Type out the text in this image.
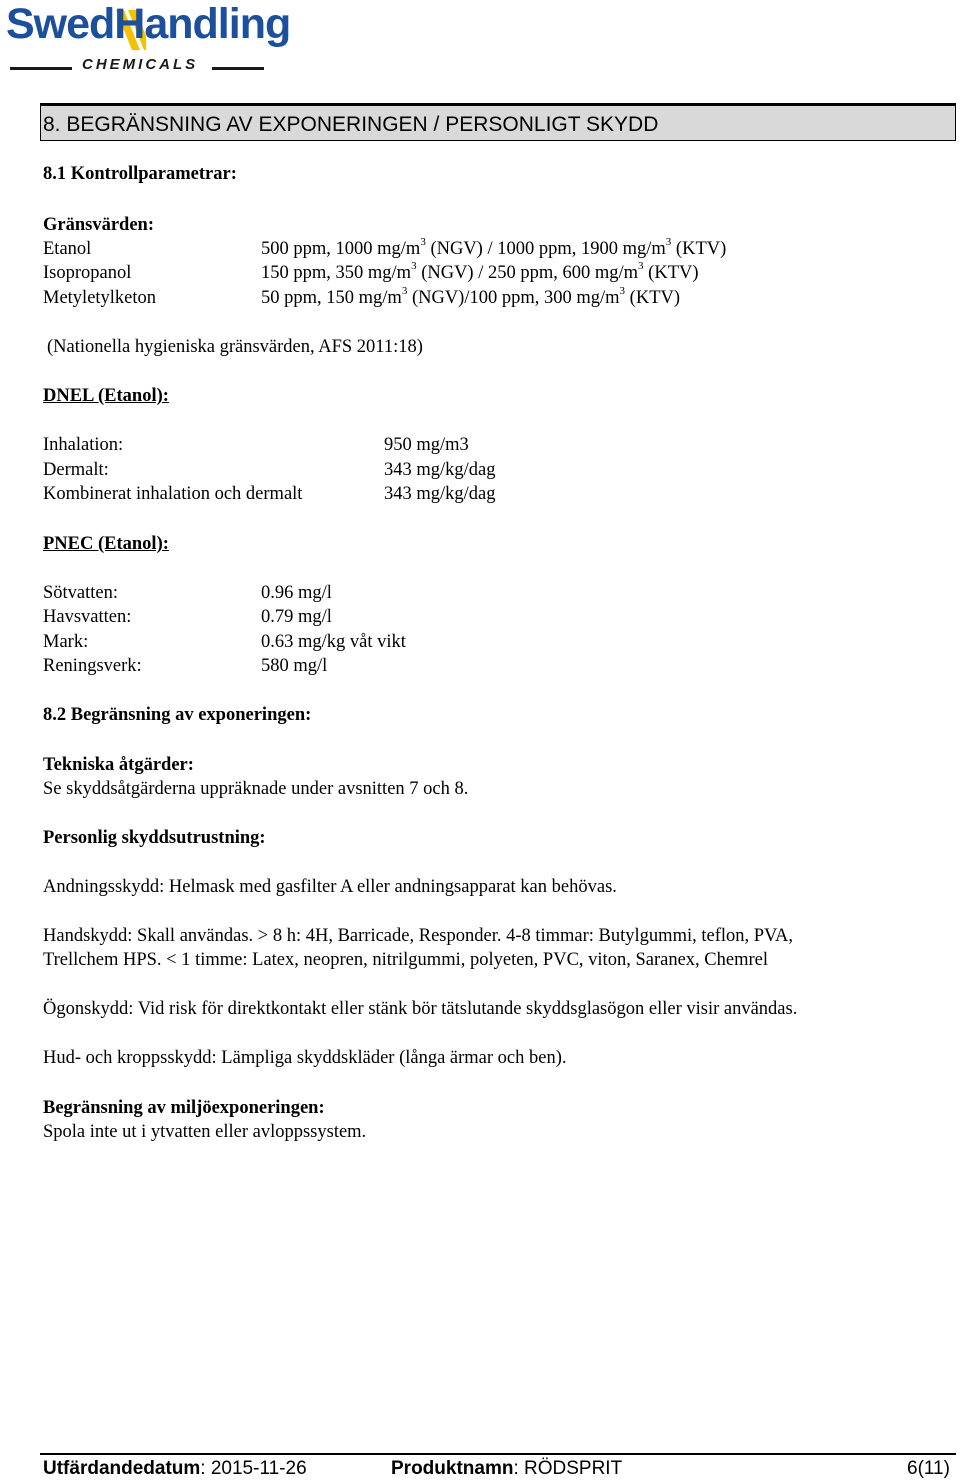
SwedHandling
CHEMICALS
8. BEGRÄNSNING AV EXPONERINGEN / PERSONLIGT SKYDD
8.1 Kontrollparametrar:
Gränsvärden:
Etanol	500 ppm, 1000 $mg/m^3$ (NGV) / 1000 ppm, 1900 $mg/m^3$ (KTV)
Isopropanol	150 ppm, 350 $mg/m^3$ (NGV) / 250 ppm, 600 $mg/m^3$ (KTV)
Metyletylketon	50 ppm, 150 $mg/m^3$ (NGV)/100 ppm, 300 $mg/m^3$ (KTV)
(Nationella hygieniska gränsvärden, AFS 2011:18)
DNEL (Etanol):
Inhalation:	950 mg/m3
Dermalt:	343 mg/kg/dag
Kombinerat inhalation och dermalt	343 mg/kg/dag
PNEC (Etanol):
Sötvatten:	0.96 mg/l
Havsvatten:	0.79 mg/l
Mark:	0.63 mg/kg våt vikt
Reningsverk:	580 mg/l
8.2 Begränsning av exponeringen:
Tekniska åtgärder:
Se skyddsåtgärderna uppräknade under avsnitten 7 och 8.
Personlig skyddsutrustning:
Andningsskydd: Helmask med gasfilter A eller andningsapparat kan behövas.
Handskydd: Skall användas. > 8 h: 4H, Barricade, Responder. 4-8 timmar: Butylgummi, teflon, PVA,
Trellchem HPS. < 1 timme: Latex, neopren, nitrilgummi, polyeten, PVC, viton, Saranex, Chemrel
Ögonskydd: Vid risk för direktkontakt eller stänk bör tätslutande skyddsglasögon eller visir användas.
Hud- och kroppsskydd: Lämpliga skyddskläder (långa ärmar och ben).
Begränsning av miljöexponeringen:
Spola inte ut i ytvatten eller avloppssystem.
Utfärdandedatum: 2015-11-26	Produktnamn: RÖDSPRIT	6(11)
